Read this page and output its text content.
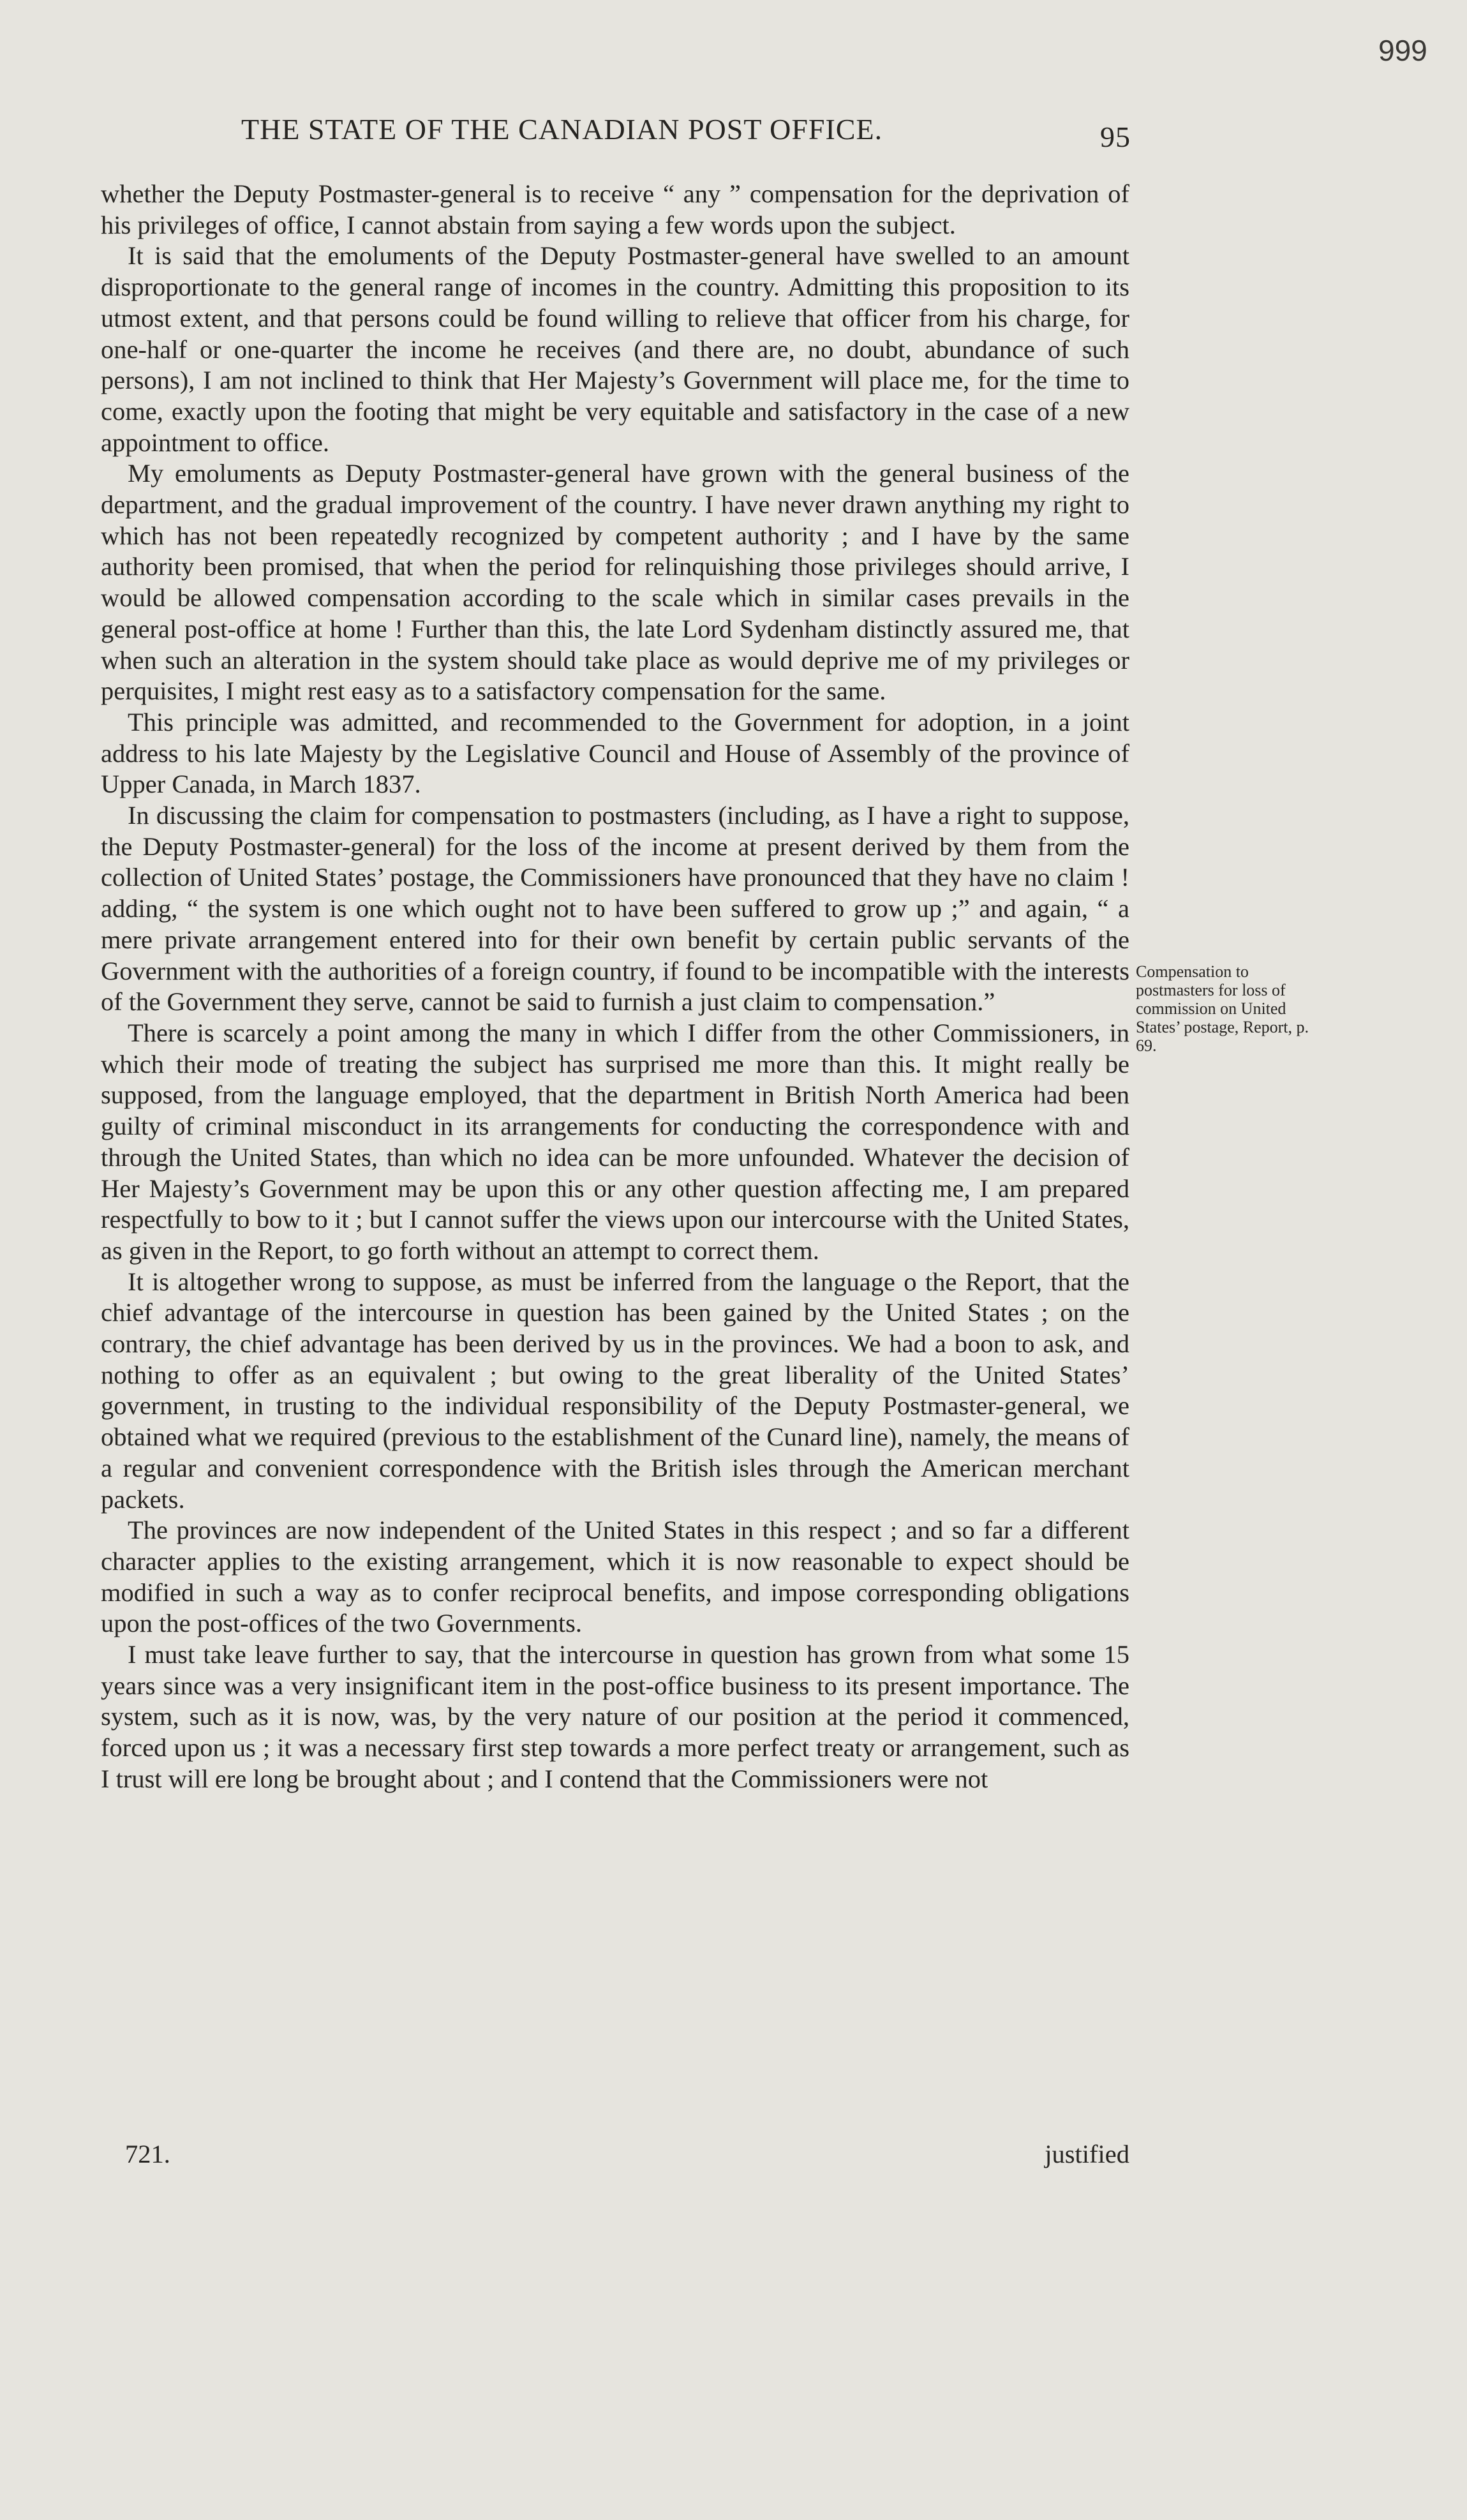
999
THE STATE OF THE CANADIAN POST OFFICE.	95

whether the Deputy Postmaster-general is to receive “ any ” compensation for the deprivation of his privileges of office, I cannot abstain from saying a few words upon the subject.

It is said that the emoluments of the Deputy Postmaster-general have swelled to an amount disproportionate to the general range of incomes in the country. Admitting this proposition to its utmost extent, and that persons could be found willing to relieve that officer from his charge, for one-half or one-quarter the income he receives (and there are, no doubt, abundance of such persons), I am not inclined to think that Her Majesty’s Government will place me, for the time to come, exactly upon the footing that might be very equitable and satisfactory in the case of a new appointment to office.

My emoluments as Deputy Postmaster-general have grown with the general business of the department, and the gradual improvement of the country. I have never drawn anything my right to which has not been repeatedly recognized by competent authority ; and I have by the same authority been promised, that when the period for relinquishing those privileges should arrive, I would be allowed compensation according to the scale which in similar cases prevails in the general post-office at home ! Further than this, the late Lord Sydenham distinctly assured me, that when such an alteration in the system should take place as would deprive me of my privileges or perquisites, I might rest easy as to a satisfactory compensation for the same.

This principle was admitted, and recommended to the Government for adoption, in a joint address to his late Majesty by the Legislative Council and House of Assembly of the province of Upper Canada, in March 1837.

In discussing the claim for compensation to postmasters (including, as I have a right to suppose, the Deputy Postmaster-general) for the loss of the income at present derived by them from the collection of United States’ postage, the Commissioners have pronounced that they have no claim ! adding, “ the system is one which ought not to have been suffered to grow up ;” and again, “ a mere private arrangement entered into for their own benefit by certain public servants of the Government with the authorities of a foreign country, if found to be incompatible with the interests of the Government they serve, cannot be said to furnish a just claim to compensation.”

There is scarcely a point among the many in which I differ from the other Commissioners, in which their mode of treating the subject has surprised me more than this. It might really be supposed, from the language employed, that the department in British North America had been guilty of criminal misconduct in its arrangements for conducting the correspondence with and through the United States, than which no idea can be more unfounded. Whatever the decision of Her Majesty’s Government may be upon this or any other question affecting me, I am prepared respectfully to bow to it ; but I cannot suffer the views upon our intercourse with the United States, as given in the Report, to go forth without an attempt to correct them.

It is altogether wrong to suppose, as must be inferred from the language o the Report, that the chief advantage of the intercourse in question has been gained by the United States ; on the contrary, the chief advantage has been derived by us in the provinces. We had a boon to ask, and nothing to offer as an equivalent ; but owing to the great liberality of the United States’ government, in trusting to the individual responsibility of the Deputy Postmaster-general, we obtained what we required (previous to the establishment of the Cunard line), namely, the means of a regular and convenient correspondence with the British isles through the American merchant packets.

The provinces are now independent of the United States in this respect ; and so far a different character applies to the existing arrangement, which it is now reasonable to expect should be modified in such a way as to confer reciprocal benefits, and impose corresponding obligations upon the post-offices of the two Governments.

I must take leave further to say, that the intercourse in question has grown from what some 15 years since was a very insignificant item in the post-office business to its present importance. The system, such as it is now, was, by the very nature of our position at the period it commenced, forced upon us ; it was a necessary first step towards a more perfect treaty or arrangement, such as I trust will ere long be brought about ; and I contend that the Commissioners were not

Compensation to postmasters for loss of commission on United States’ postage, Report, p. 69.
721.	justified
